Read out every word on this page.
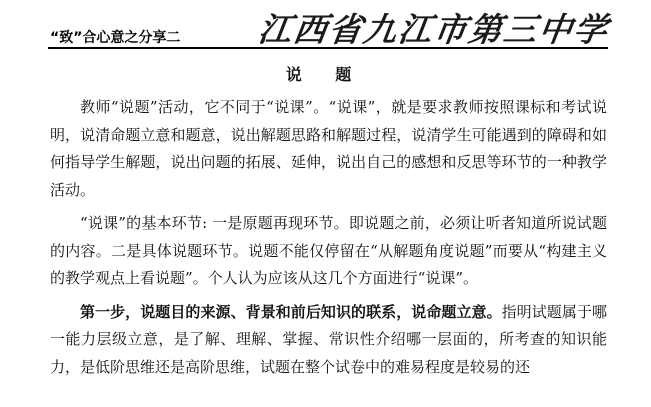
“致”合心意之分享二 江西省九江市第三中学
说 题

教师“说题”活动，它不同于“说课”。“说课”，就是要求教师按照课标和考试说明，说清命题立意和题意，说出解题思路和解题过程，说清学生可能遇到的障碍和如何指导学生解题，说出问题的拓展、延伸，说出自己的感想和反思等环节的一种教学活动。

“说课”的基本环节: 一是原题再现环节。即说题之前，必须让听者知道所说试题的内容。二是具体说题环节。说题不能仅停留在“从解题角度说题”而要从“构建主义的教学观点上看说题”。个人认为应该从这几个方面进行“说课”。

第一步，说题目的来源、背景和前后知识的联系，说命题立意。指明试题属于哪一能力层级立意，是了解、理解、掌握、常识性介绍哪一层面的，所考查的知识能力，是低阶思维还是高阶思维，试题在整个试卷中的难易程度是较易的还
